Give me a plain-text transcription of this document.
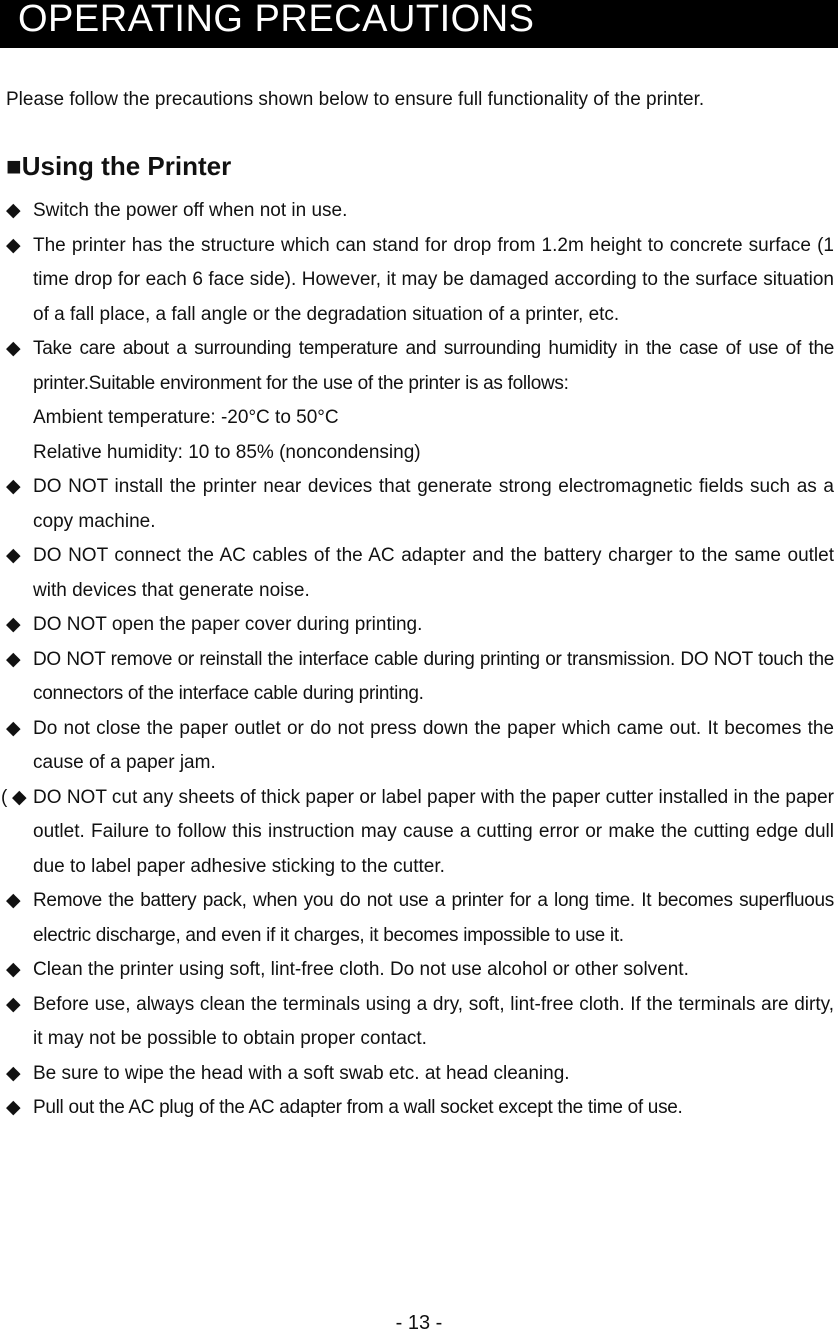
OPERATING PRECAUTIONS
Please follow the precautions shown below to ensure full functionality of the printer.
■Using the Printer
◆ Switch the power off when not in use.
◆ The printer has the structure which can stand for drop from 1.2m height to concrete surface (1 time drop for each 6 face side). However, it may be damaged according to the surface situation of a fall place, a fall angle or the degradation situation of a printer, etc.
◆ Take care about a surrounding temperature and surrounding humidity in the case of use of the printer.Suitable environment for the use of the printer is as follows:
Ambient temperature: -20°C to 50°C
Relative humidity: 10 to 85% (noncondensing)
◆ DO NOT install the printer near devices that generate strong electromagnetic fields such as a copy machine.
◆ DO NOT connect the AC cables of the AC adapter and the battery charger to the same outlet with devices that generate noise.
◆ DO NOT open the paper cover during printing.
◆ DO NOT remove or reinstall the interface cable during printing or transmission. DO NOT touch the connectors of the interface cable during printing.
◆ Do not close the paper outlet or do not press down the paper which came out. It becomes the cause of a paper jam.
( ◆ DO NOT cut any sheets of thick paper or label paper with the paper cutter installed in the paper outlet. Failure to follow this instruction may cause a cutting error or make the cutting edge dull due to label paper adhesive sticking to the cutter.
◆ Remove the battery pack, when you do not use a printer for a long time. It becomes superfluous electric discharge, and even if it charges, it becomes impossible to use it.
◆ Clean the printer using soft, lint-free cloth. Do not use alcohol or other solvent.
◆ Before use, always clean the terminals using a dry, soft, lint-free cloth. If the terminals are dirty, it may not be possible to obtain proper contact.
◆ Be sure to wipe the head with a soft swab etc. at head cleaning.
◆ Pull out the AC plug of the AC adapter from a wall socket except the time of use.
- 13 -
